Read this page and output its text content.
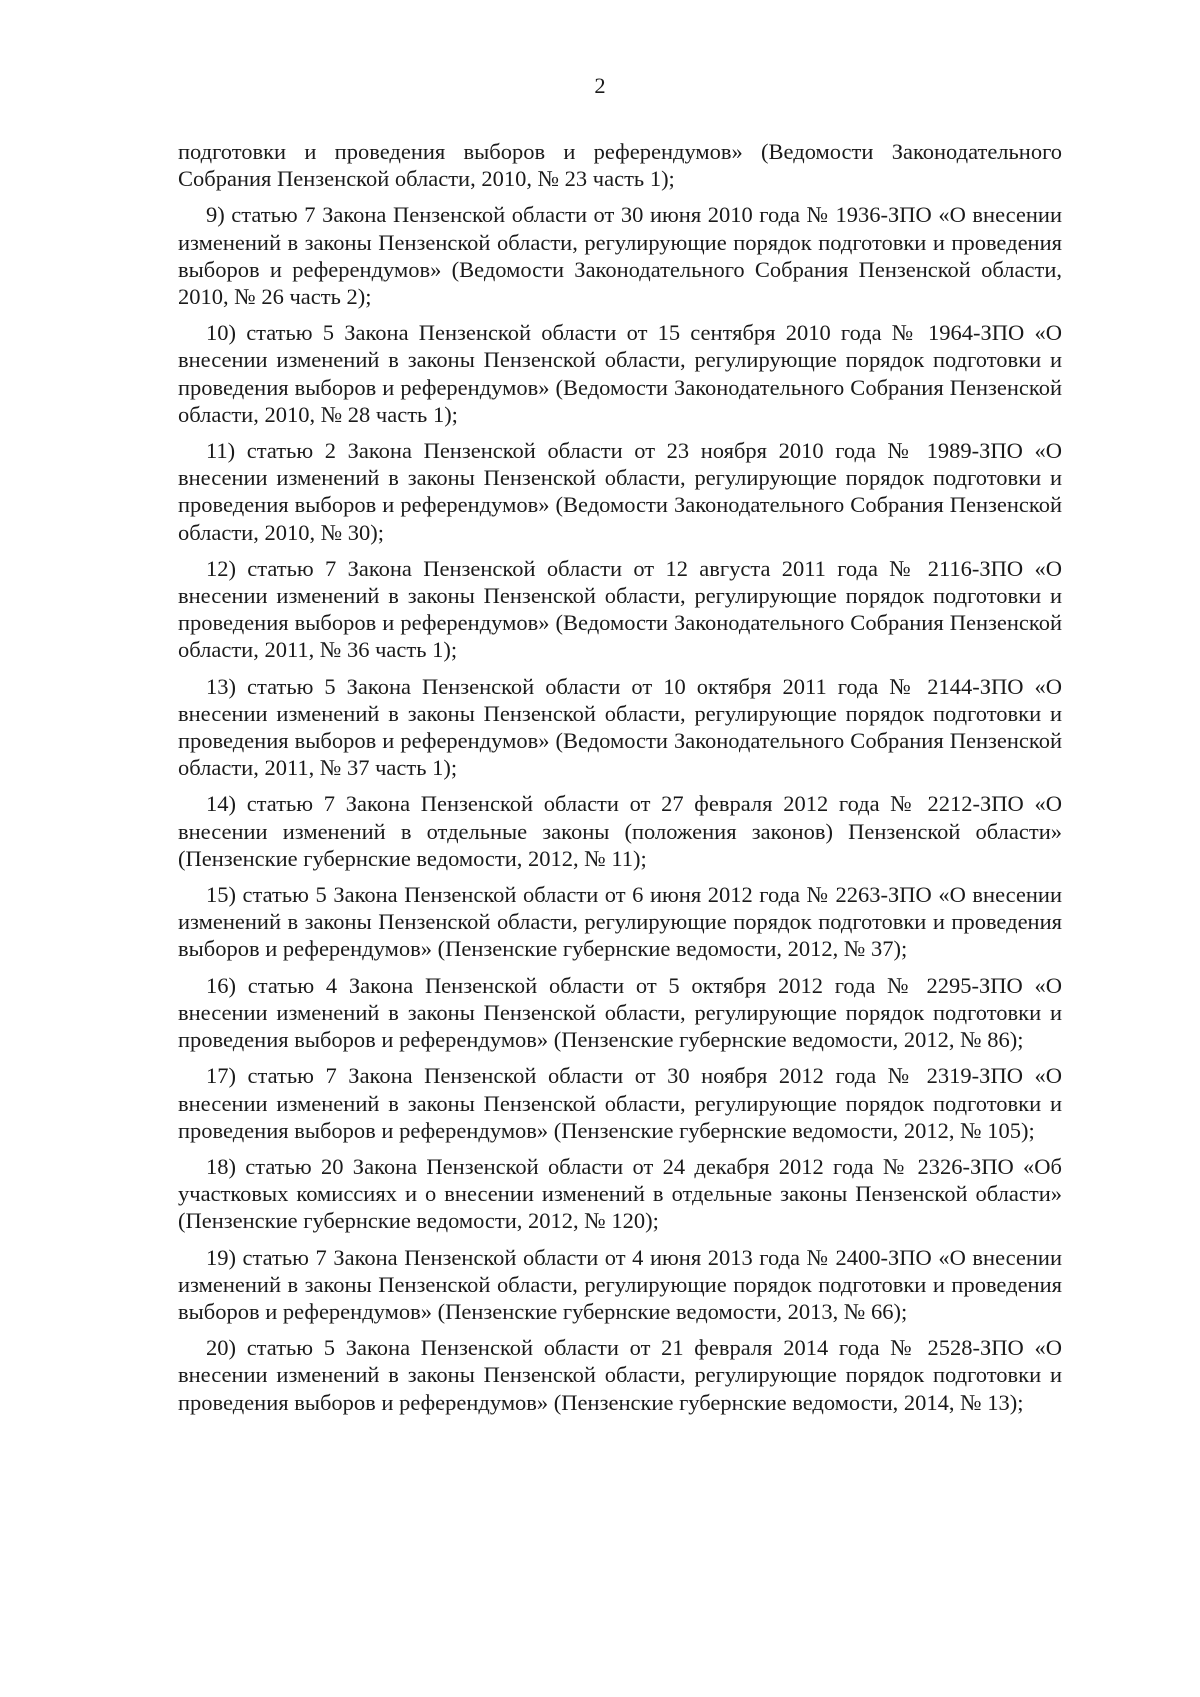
2

подготовки и проведения выборов и референдумов» (Ведомости Законодательного Собрания Пензенской области, 2010, № 23 часть 1);

9) статью 7 Закона Пензенской области от 30 июня 2010 года № 1936-ЗПО «О внесении изменений в законы Пензенской области, регулирующие порядок подготовки и проведения выборов и референдумов» (Ведомости Законодательного Собрания Пензенской области, 2010, № 26 часть 2);

10) статью 5 Закона Пензенской области от 15 сентября 2010 года № 1964-ЗПО «О внесении изменений в законы Пензенской области, регулирующие порядок подготовки и проведения выборов и референдумов» (Ведомости Законодательного Собрания Пензенской области, 2010, № 28 часть 1);

11) статью 2 Закона Пензенской области от 23 ноября 2010 года № 1989-ЗПО «О внесении изменений в законы Пензенской области, регулирующие порядок подготовки и проведения выборов и референдумов» (Ведомости Законодательного Собрания Пензенской области, 2010, № 30);

12) статью 7 Закона Пензенской области от 12 августа 2011 года № 2116-ЗПО «О внесении изменений в законы Пензенской области, регулирующие порядок подготовки и проведения выборов и референдумов» (Ведомости Законодательного Собрания Пензенской области, 2011, № 36 часть 1);

13) статью 5 Закона Пензенской области от 10 октября 2011 года № 2144-ЗПО «О внесении изменений в законы Пензенской области, регулирующие порядок подготовки и проведения выборов и референдумов» (Ведомости Законодательного Собрания Пензенской области, 2011, № 37 часть 1);

14) статью 7 Закона Пензенской области от 27 февраля 2012 года № 2212-ЗПО «О внесении изменений в отдельные законы (положения законов) Пензенской области» (Пензенские губернские ведомости, 2012, № 11);

15) статью 5 Закона Пензенской области от 6 июня 2012 года № 2263-ЗПО «О внесении изменений в законы Пензенской области, регулирующие порядок подготовки и проведения выборов и референдумов» (Пензенские губернские ведомости, 2012, № 37);

16) статью 4 Закона Пензенской области от 5 октября 2012 года № 2295-ЗПО «О внесении изменений в законы Пензенской области, регулирующие порядок подготовки и проведения выборов и референдумов» (Пензенские губернские ведомости, 2012, № 86);

17) статью 7 Закона Пензенской области от 30 ноября 2012 года № 2319-ЗПО «О внесении изменений в законы Пензенской области, регулирующие порядок подготовки и проведения выборов и референдумов» (Пензенские губернские ведомости, 2012, № 105);

18) статью 20 Закона Пензенской области от 24 декабря 2012 года № 2326-ЗПО «Об участковых комиссиях и о внесении изменений в отдельные законы Пензенской области» (Пензенские губернские ведомости, 2012, № 120);

19) статью 7 Закона Пензенской области от 4 июня 2013 года № 2400-ЗПО «О внесении изменений в законы Пензенской области, регулирующие порядок подготовки и проведения выборов и референдумов» (Пензенские губернские ведомости, 2013, № 66);

20) статью 5 Закона Пензенской области от 21 февраля 2014 года № 2528-ЗПО «О внесении изменений в законы Пензенской области, регулирующие порядок подготовки и проведения выборов и референдумов» (Пензенские губернские ведомости, 2014, № 13);
